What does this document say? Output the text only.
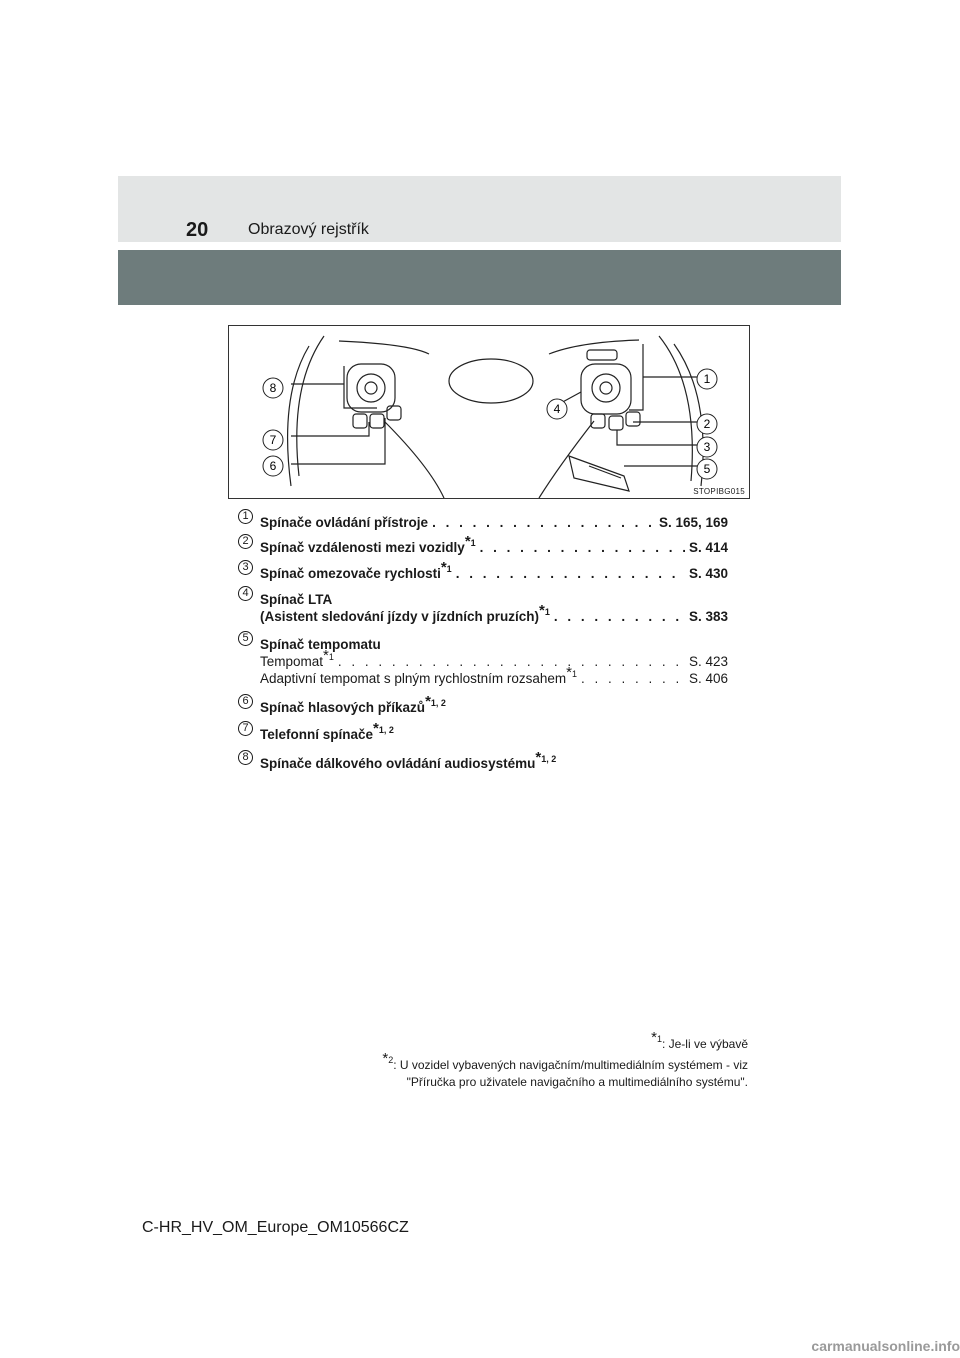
20 Obrazový rejstřík
8
7
6
4
1
2
3
5
STOPIBG015
1 Spínače ovládání přístroje . . .	S. 165, 169
2 Spínač vzdálenosti mezi vozidly$^{*1}$ . . .	S. 414
3 Spínač omezovače rychlosti$^{*1}$ . . .	S. 430
4 Spínač LTA
(Asistent sledování jízdy v jízdních pruzích)$^{*1}$ . . .	S. 383
5 Spínač tempomatu
Tempomat$^{*1}$ . . .	S. 423
Adaptivní tempomat s plným rychlostním rozsahem$^{*1}$ . . .	S. 406
6 Spínač hlasových příkazů$^{*1, 2}$
7 Telefonní spínače$^{*1, 2}$
8 Spínače dálkového ovládání audiosystému$^{*1, 2}$
$^{*1}$: Je-li ve výbavě
$^{*2}$: U vozidel vybavených navigačním/multimediálním systémem - viz
"Příručka pro uživatele navigačního a multimediálního systému".
C-HR_HV_OM_Europe_OM10566CZ
carmanualsonline.info
